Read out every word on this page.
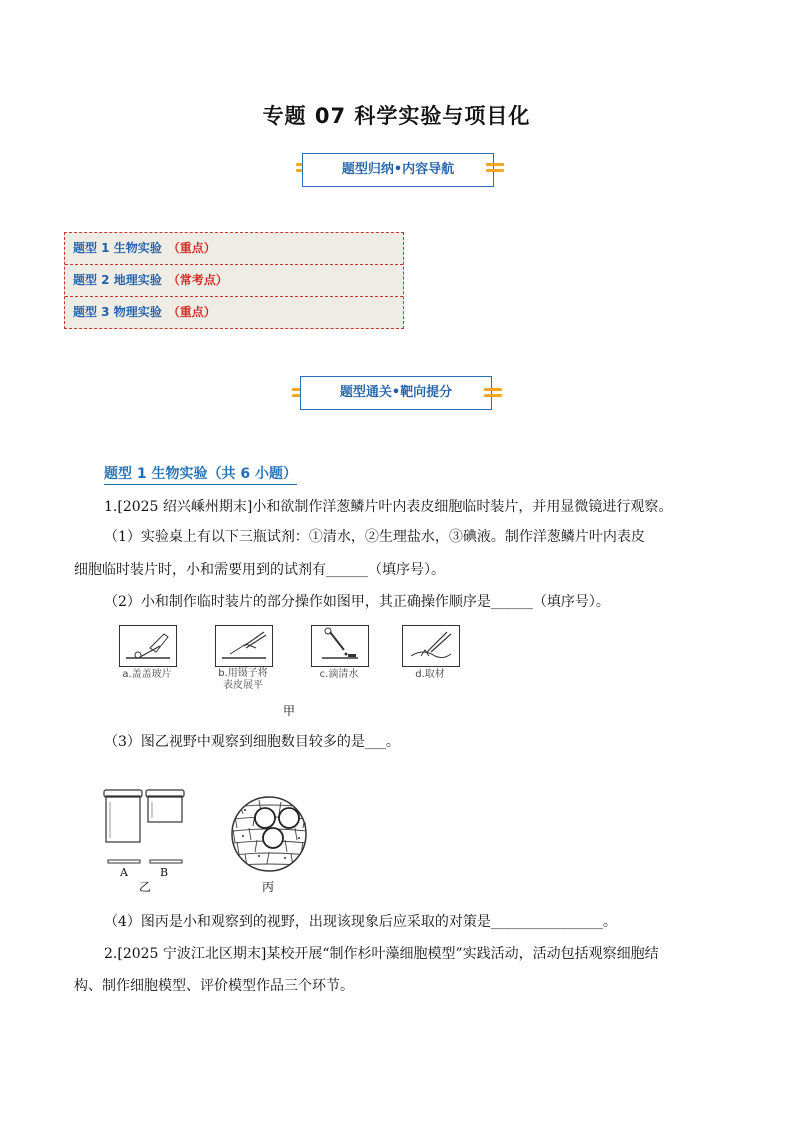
专题 07 科学实验与项目化
题型归纳•内容导航
题型 1 生物实验 （重点）
题型 2 地理实验 （常考点）
题型 3 物理实验 （重点）
题型通关•靶向提分
题型 1 生物实验（共 6 小题）
1.[2025 绍兴嵊州期末]小和欲制作洋葱鳞片叶内表皮细胞临时装片，并用显微镜进行观察。
（1）实验桌上有以下三瓶试剂：①清水，②生理盐水，③碘液。制作洋葱鳞片叶内表皮
细胞临时装片时，小和需要用到的试剂有______（填序号）。
（2）小和制作临时装片的部分操作如图甲，其正确操作顺序是______（填序号）。
a.盖盖玻片	b.用镊子将
表皮展平
c.滴清水	d.取材
甲
（3）图乙视野中观察到细胞数目较多的是___。
A	B
乙	丙
（4）图丙是小和观察到的视野，出现该现象后应采取的对策是________________。
2.[2025 宁波江北区期末]某校开展“制作杉叶藻细胞模型”实践活动，活动包括观察细胞结
构、制作细胞模型、评价模型作品三个环节。
